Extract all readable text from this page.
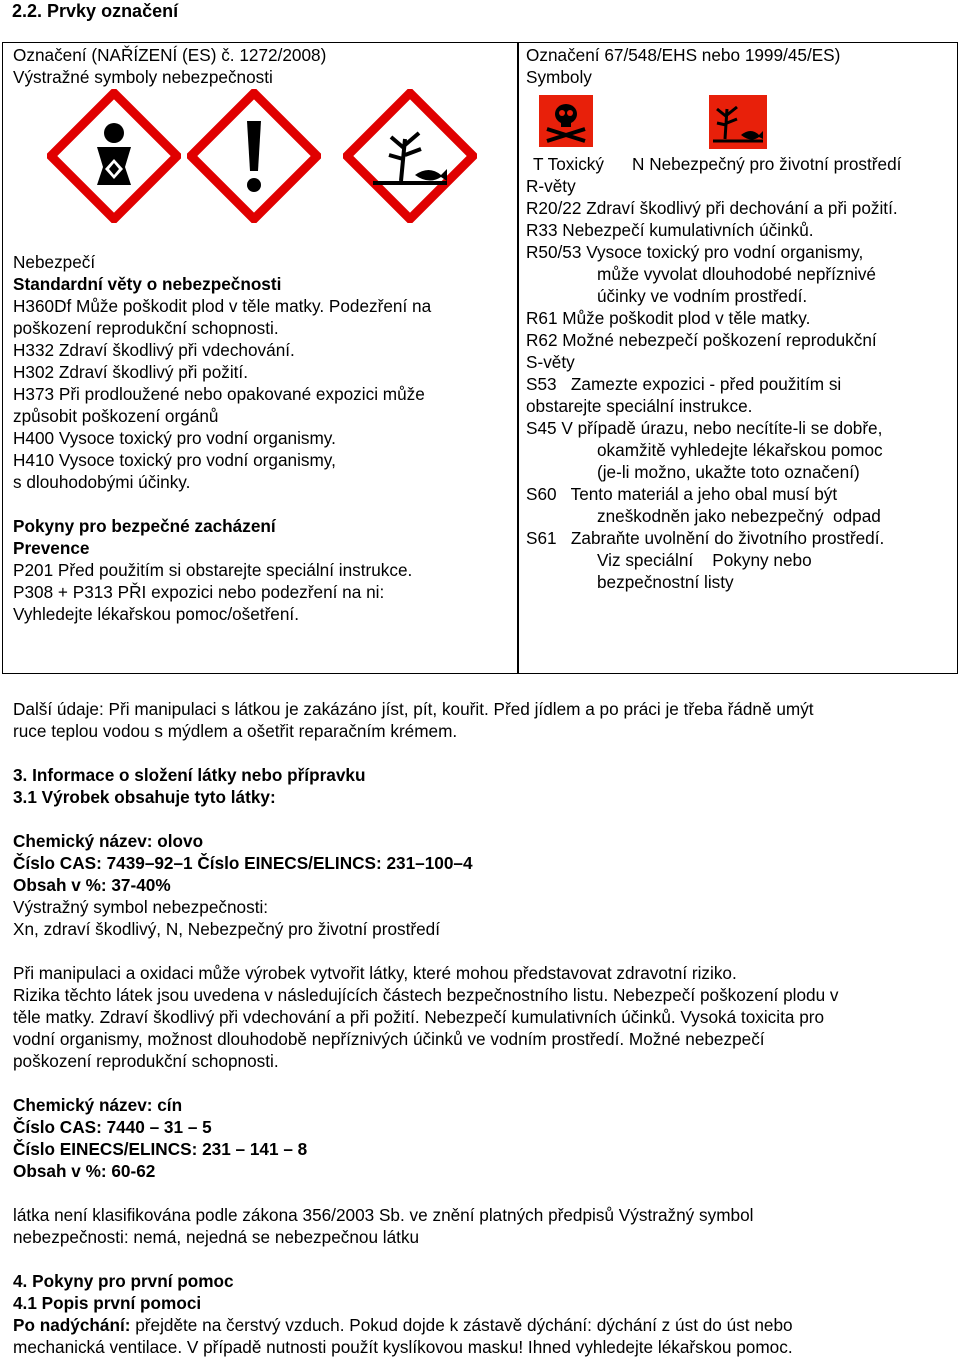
2.2. Prvky označení
Označení (NAŘÍZENÍ (ES) č. 1272/2008)
Výstražné symboly nebezpečnosti
Nebezpečí
Standardní věty o nebezpečnosti
H360Df Může poškodit plod v těle matky. Podezření na
poškození reprodukční schopnosti.
H332 Zdraví škodlivý při vdechování.
H302 Zdraví škodlivý při požití.
H373 Při prodloužené nebo opakované expozici může
způsobit poškození orgánů
H400 Vysoce toxický pro vodní organismy.
H410 Vysoce toxický pro vodní organismy,
s dlouhodobými účinky.
Pokyny pro bezpečné zacházení
Prevence
P201 Před použitím si obstarejte speciální instrukce.
P308 + P313 PŘI expozici nebo podezření na ni:
Vyhledejte lékařskou pomoc/ošetření.
Označení 67/548/EHS nebo 1999/45/ES)
Symboly
T Toxický N Nebezpečný pro životní prostředí
R-věty
R20/22 Zdraví škodlivý při dechování a při požití.
R33 Nebezpečí kumulativních účinků.
R50/53 Vysoce toxický pro vodní organismy,
může vyvolat dlouhodobé nepříznivé
účinky ve vodním prostředí.
R61 Může poškodit plod v těle matky.
R62 Možné nebezpečí poškození reprodukční
S-věty
S53   Zamezte expozici - před použitím si
obstarejte speciální instrukce.
S45 V případě úrazu, nebo necítíte-li se dobře,
okamžitě vyhledejte lékařskou pomoc
(je-li možno, ukažte toto označení)
S60   Tento materiál a jeho obal musí být
zneškodněn jako nebezpečný  odpad
S61   Zabraňte uvolnění do životního prostředí.
Viz speciální    Pokyny nebo
bezpečnostní listy
Další údaje: Při manipulaci s látkou je zakázáno jíst, pít, kouřit. Před jídlem a po práci je třeba řádně umýt
ruce teplou vodou s mýdlem a ošetřit reparačním krémem.
3. Informace o složení látky nebo přípravku
3.1 Výrobek obsahuje tyto látky:
Chemický název: olovo
Číslo CAS: 7439–92–1 Číslo EINECS/ELINCS: 231–100–4
Obsah v %: 37-40%
Výstražný symbol nebezpečnosti:
Xn, zdraví škodlivý, N, Nebezpečný pro životní prostředí
Při manipulaci a oxidaci může výrobek vytvořit látky, které mohou představovat zdravotní riziko.
Rizika těchto látek jsou uvedena v následujících částech bezpečnostního listu. Nebezpečí poškození plodu v
těle matky. Zdraví škodlivý při vdechování a při požití. Nebezpečí kumulativních účinků. Vysoká toxicita pro
vodní organismy, možnost dlouhodobě nepříznivých účinků ve vodním prostředí. Možné nebezpečí
poškození reprodukční schopnosti.
Chemický název: cín
Číslo CAS: 7440 – 31 – 5
Číslo EINECS/ELINCS: 231 – 141 – 8
Obsah v %: 60-62
látka není klasifikována podle zákona 356/2003 Sb. ve znění platných předpisů Výstražný symbol
nebezpečnosti: nemá, nejedná se nebezpečnou látku
4. Pokyny pro první pomoc
4.1 Popis první pomoci
Po nadýchání: přejděte na čerstvý vzduch. Pokud dojde k zástavě dýchání: dýchání z úst do úst nebo
mechanická ventilace. V případě nutnosti použít kyslíkovou masku! Ihned vyhledejte lékařskou pomoc.
